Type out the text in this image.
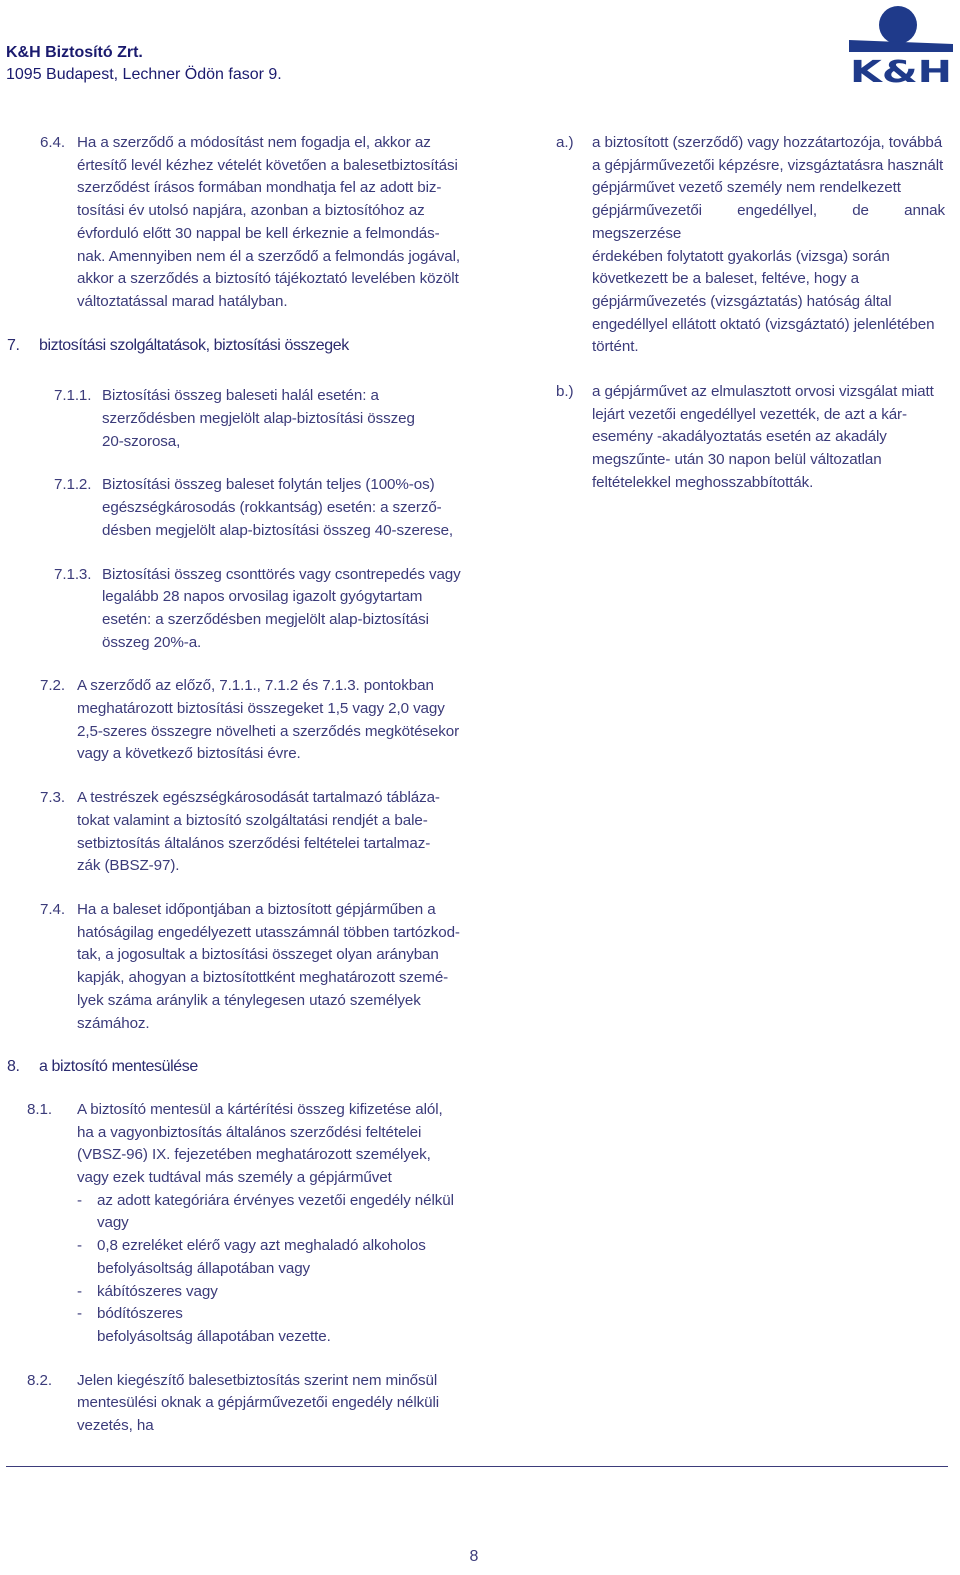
K&H Biztosító Zrt.
1095 Budapest, Lechner Ödön fasor 9.	K&H
6.4. Ha a szerződő a módosítást nem fogadja el, akkor az
értesítő levél kézhez vételét követően a balesetbiztosítási
szerződést írásos formában mondhatja fel az adott biz-
tosítási év utolsó napjára, azonban a biztosítóhoz az
évforduló előtt 30 nappal be kell érkeznie a felmondás-
nak. Amennyiben nem él a szerződő a felmondás jogával,
akkor a szerződés a biztosító tájékoztató levelében közölt
változtatással marad hatályban.
7. biztosítási szolgáltatások, biztosítási összegek
7.1.1. Biztosítási összeg baleseti halál esetén: a
szerződésben megjelölt alap-biztosítási összeg
20-szorosa,
7.1.2. Biztosítási összeg baleset folytán teljes (100%-os)
egészségkárosodás (rokkantság) esetén: a szerző-
désben megjelölt alap-biztosítási összeg 40-szerese,
7.1.3. Biztosítási összeg csonttörés vagy csontrepedés vagy
legalább 28 napos orvosilag igazolt gyógytartam
esetén: a szerződésben megjelölt alap-biztosítási
összeg 20%-a.
7.2. A szerződő az előző, 7.1.1., 7.1.2 és 7.1.3. pontokban
meghatározott biztosítási összegeket 1,5 vagy 2,0 vagy
2,5-szeres összegre növelheti a szerződés megkötésekor
vagy a következő biztosítási évre.
7.3. A testrészek egészségkárosodását tartalmazó tábláza-
tokat valamint a biztosító szolgáltatási rendjét a bale-
setbiztosítás általános szerződési feltételei tartalmaz-
zák (BBSZ-97).
7.4. Ha a baleset időpontjában a biztosított gépjárműben a
hatóságilag engedélyezett utasszámnál többen tartózkod-
tak, a jogosultak a biztosítási összeget olyan arányban
kapják, ahogyan a biztosítottként meghatározott szemé-
lyek száma aránylik a ténylegesen utazó személyek
számához.
8. a biztosító mentesülése
8.1. A biztosító mentesül a kártérítési összeg kifizetése alól,
ha a vagyonbiztosítás általános szerződési feltételei
(VBSZ-96) IX. fejezetében meghatározott személyek,
vagy ezek tudtával más személy a gépjárművet
- az adott kategóriára érvényes vezetői engedély nélkül
vagy
- 0,8 ezreléket elérő vagy azt meghaladó alkoholos
befolyásoltság állapotában vagy
- kábítószeres vagy
- bódítószeres
befolyásoltság állapotában vezette.
8.2. Jelen kiegészítő balesetbiztosítás szerint nem minősül
mentesülési oknak a gépjárművezetői engedély nélküli
vezetés, ha
a.) a biztosított (szerződő) vagy hozzátartozója, továbbá
a gépjárművezetői képzésre, vizsgáztatásra használt
gépjárművet vezető személy nem rendelkezett
gépjárművezetői engedéllyel, de annak megszerzése
érdekében folytatott gyakorlás (vizsga) során
következett be a baleset, feltéve, hogy a
gépjárművezetés (vizsgáztatás) hatóság által
engedéllyel ellátott oktató (vizsgáztató) jelenlétében
történt.
b.) a gépjárművet az elmulasztott orvosi vizsgálat miatt
lejárt vezetői engedéllyel vezették, de azt a kár-
esemény -akadályoztatás esetén az akadály
megszűnte- után 30 napon belül változatlan
feltételekkel meghosszabbították.
8
